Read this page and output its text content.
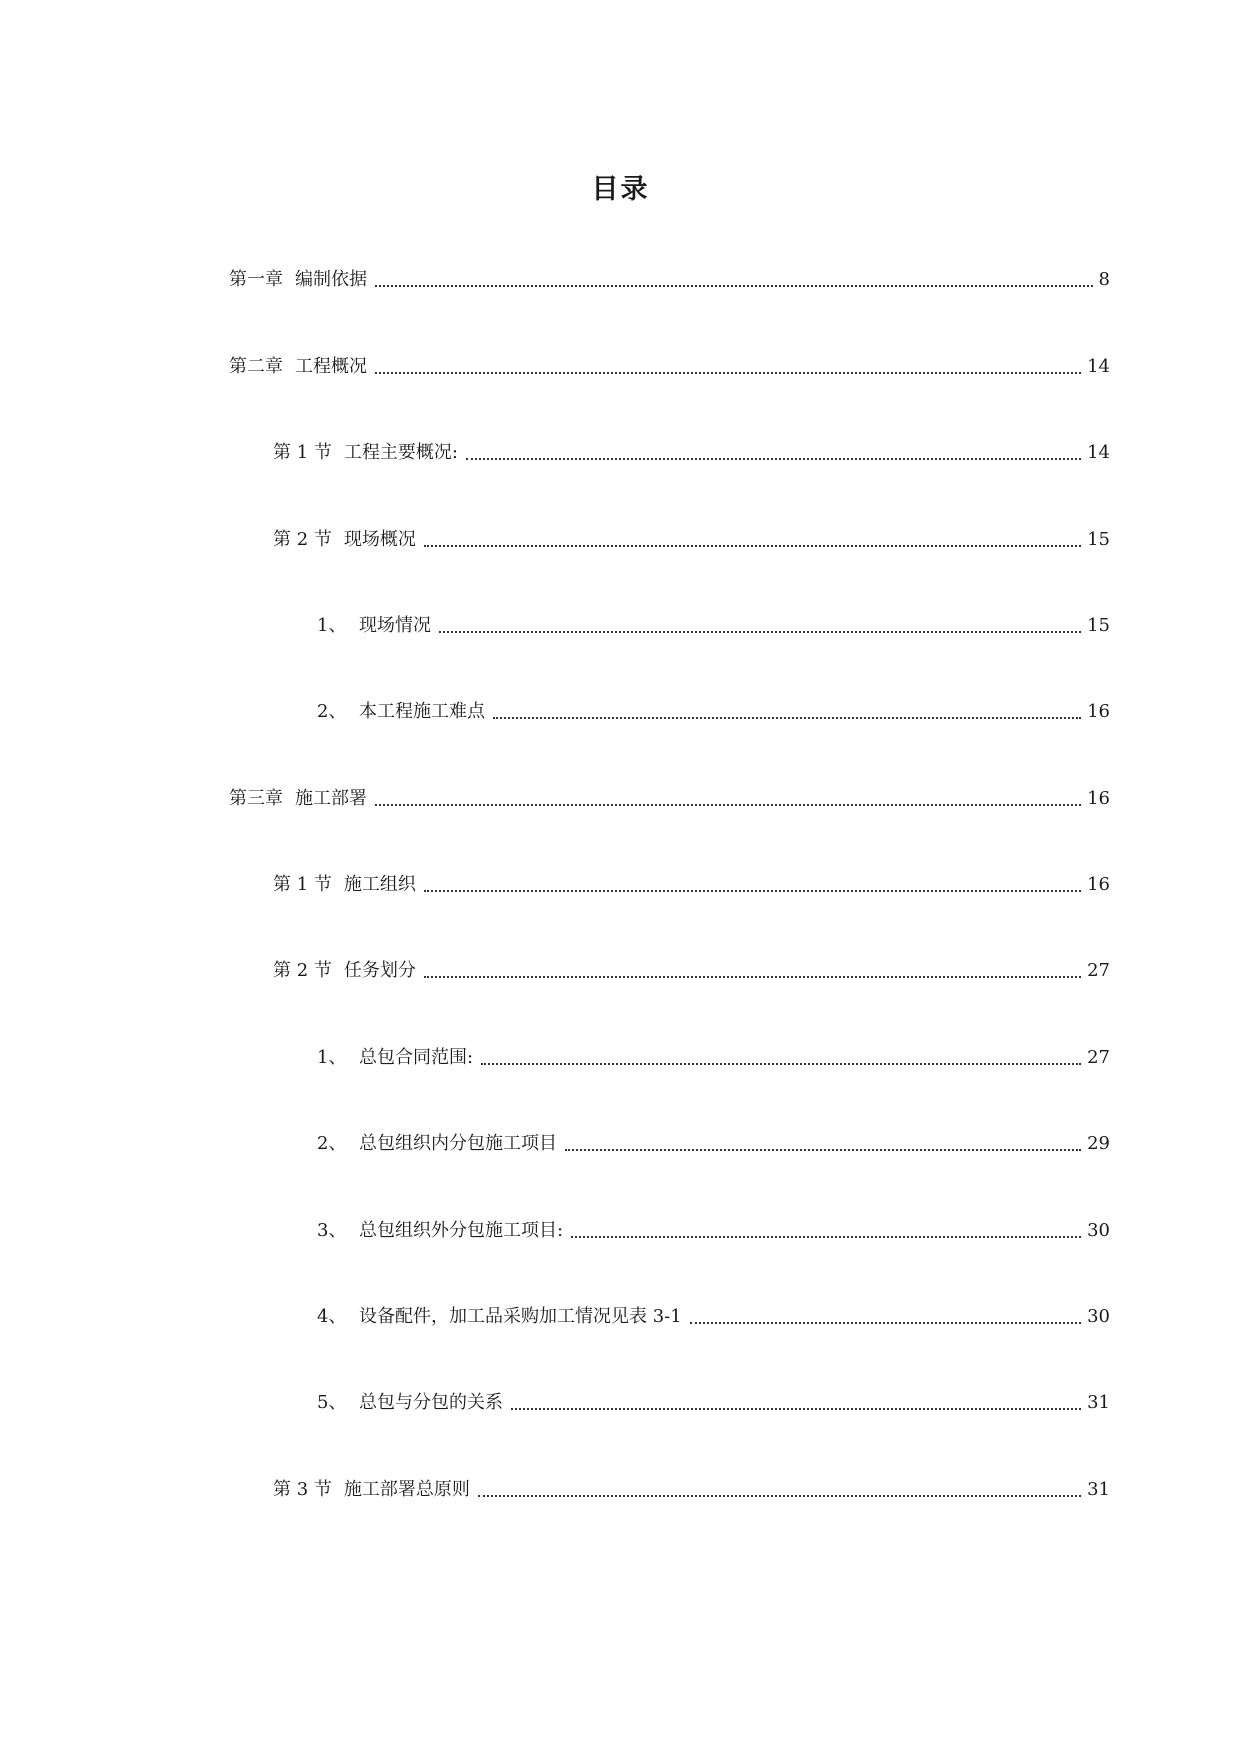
目录
第一章 编制依据	8
第二章 工程概况	14
第 1 节 工程主要概况:	14
第 2 节 现场概况	15
1、 现场情况	15
2、 本工程施工难点	16
第三章 施工部署	16
第 1 节 施工组织	16
第 2 节 任务划分	27
1、 总包合同范围:	27
2、 总包组织内分包施工项目	29
3、 总包组织外分包施工项目:	30
4、 设备配件，加工品采购加工情况见表 3-1	30
5、 总包与分包的关系	31
第 3 节 施工部署总原则	31
